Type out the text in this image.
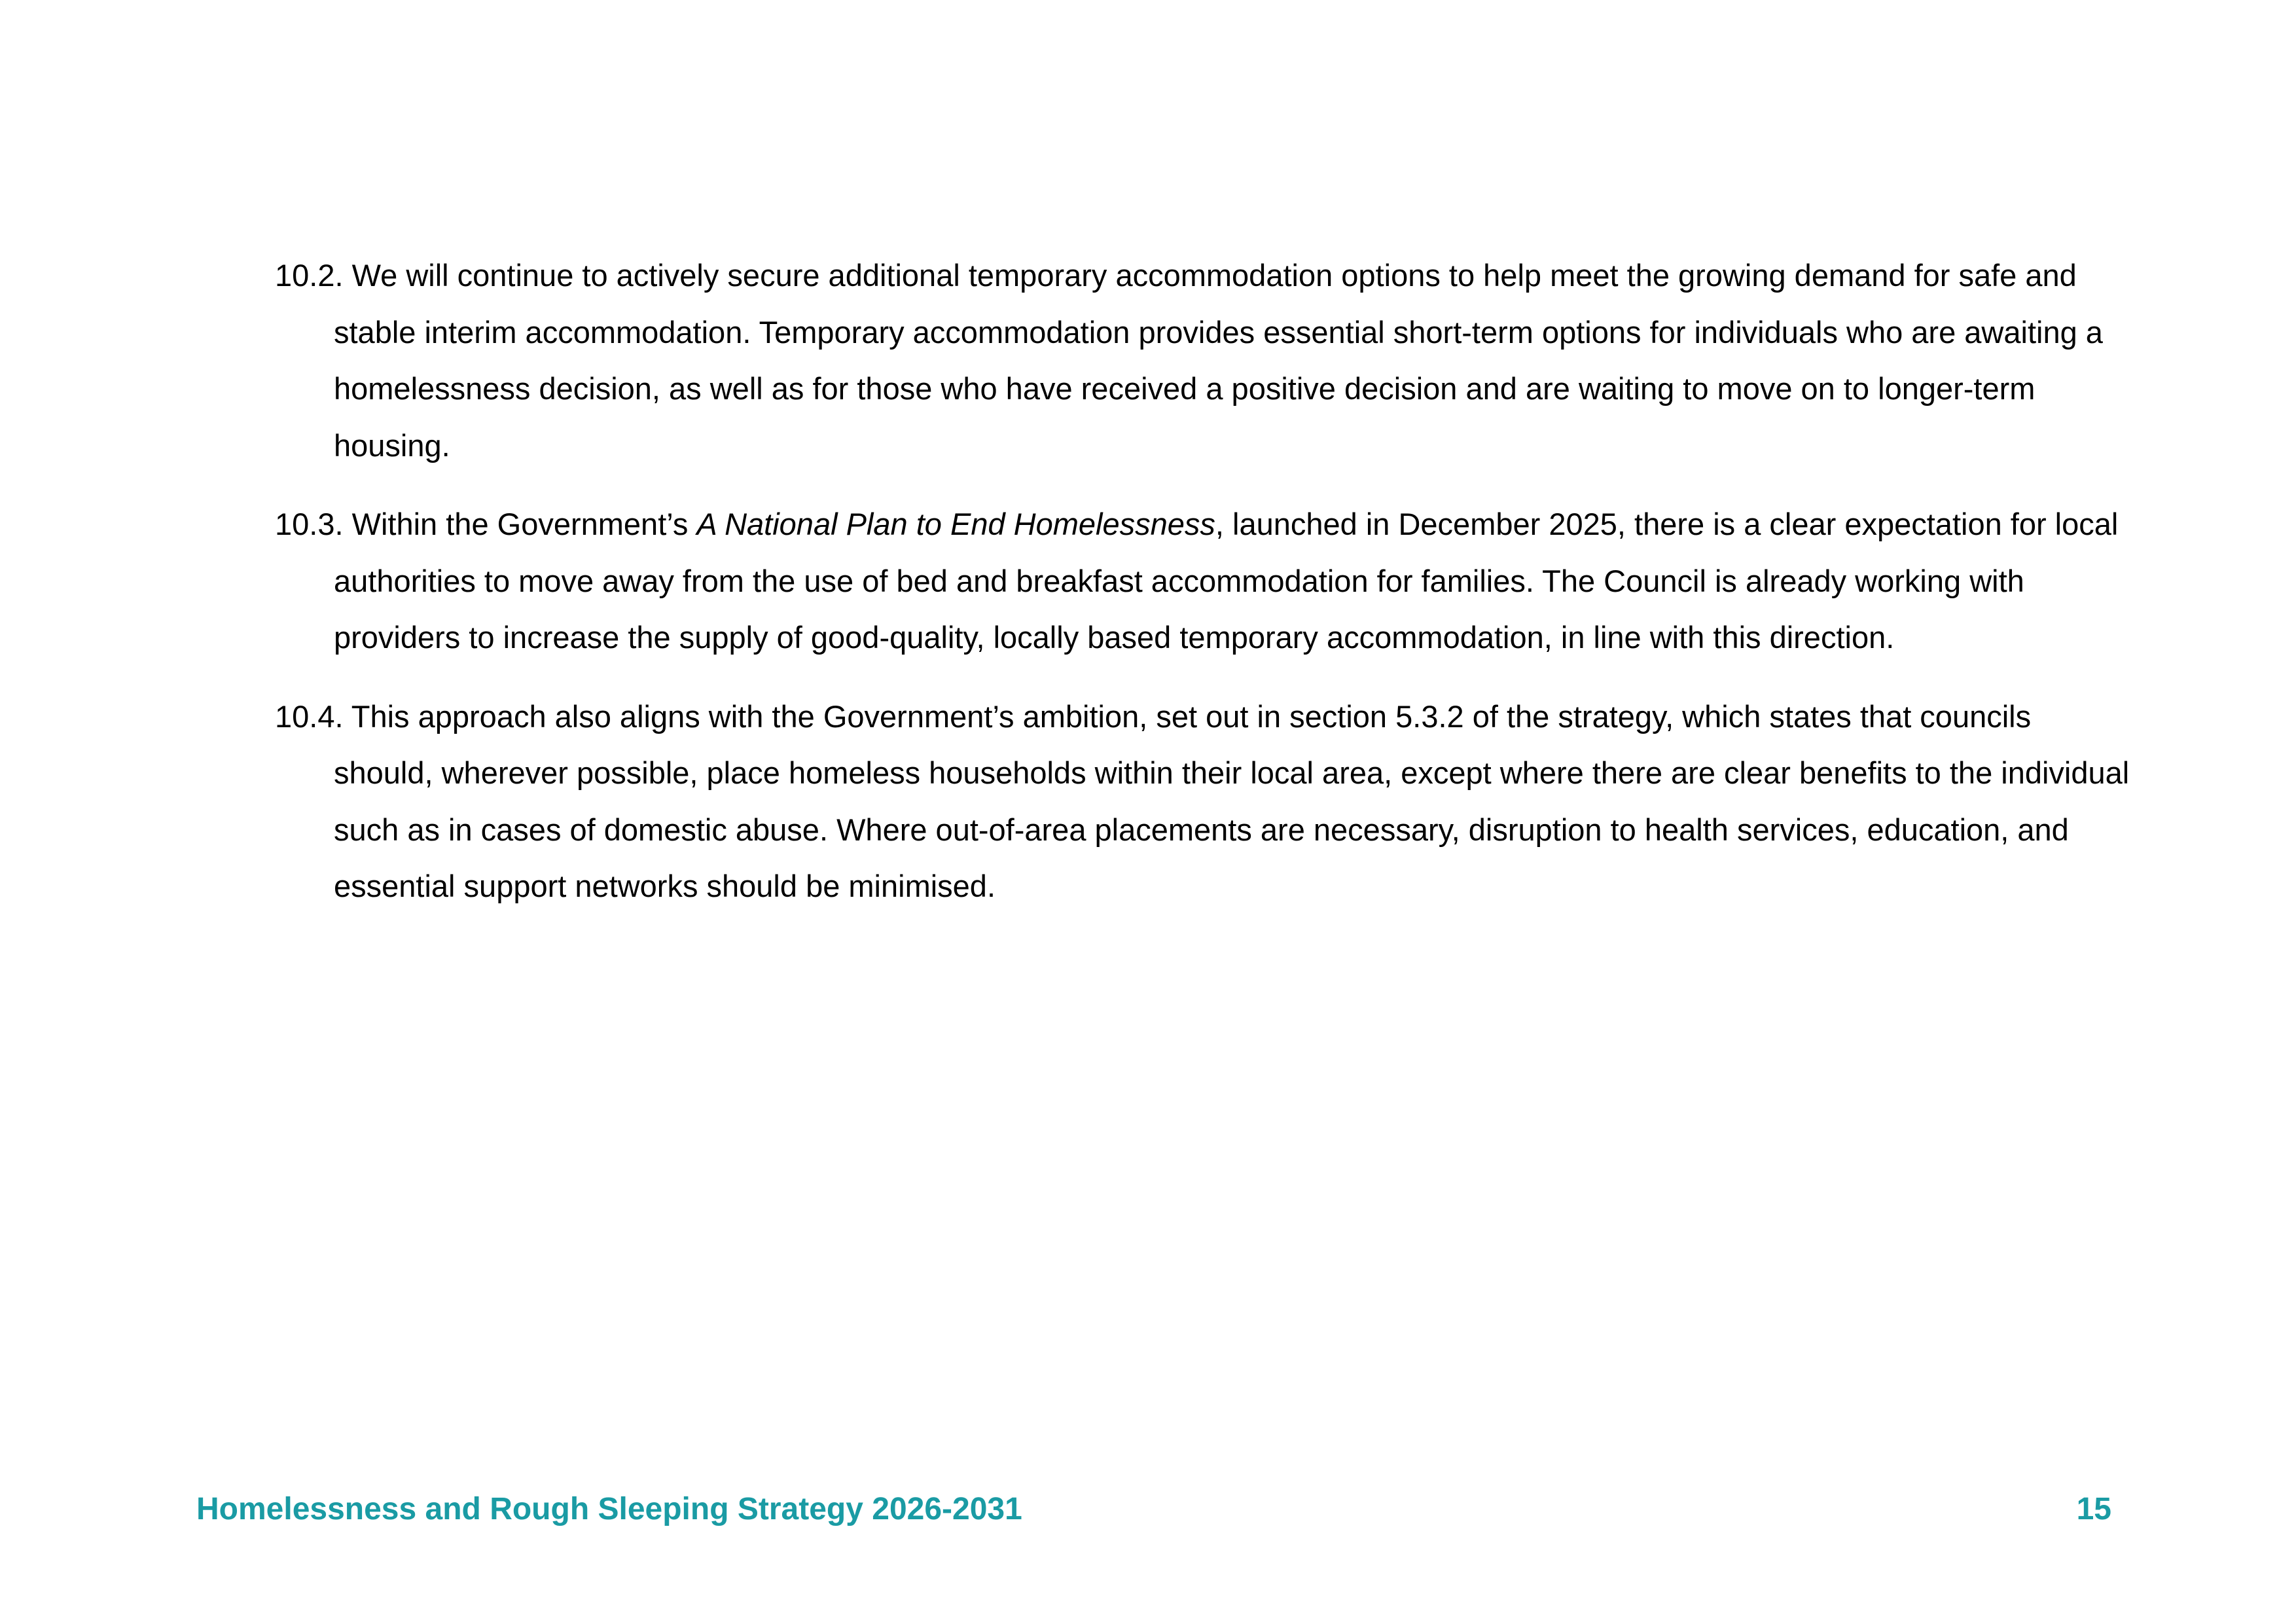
10.2. We will continue to actively secure additional temporary accommodation options to help meet the growing demand for safe and stable interim accommodation. Temporary accommodation provides essential short-term options for individuals who are awaiting a homelessness decision, as well as for those who have received a positive decision and are waiting to move on to longer-term housing.

10.3. Within the Government’s A National Plan to End Homelessness, launched in December 2025, there is a clear expectation for local authorities to move away from the use of bed and breakfast accommodation for families. The Council is already working with providers to increase the supply of good-quality, locally based temporary accommodation, in line with this direction.

10.4. This approach also aligns with the Government’s ambition, set out in section 5.3.2 of the strategy, which states that councils should, wherever possible, place homeless households within their local area, except where there are clear benefits to the individual such as in cases of domestic abuse. Where out-of-area placements are necessary, disruption to health services, education, and essential support networks should be minimised.

Homelessness and Rough Sleeping Strategy 2026-2031	15
